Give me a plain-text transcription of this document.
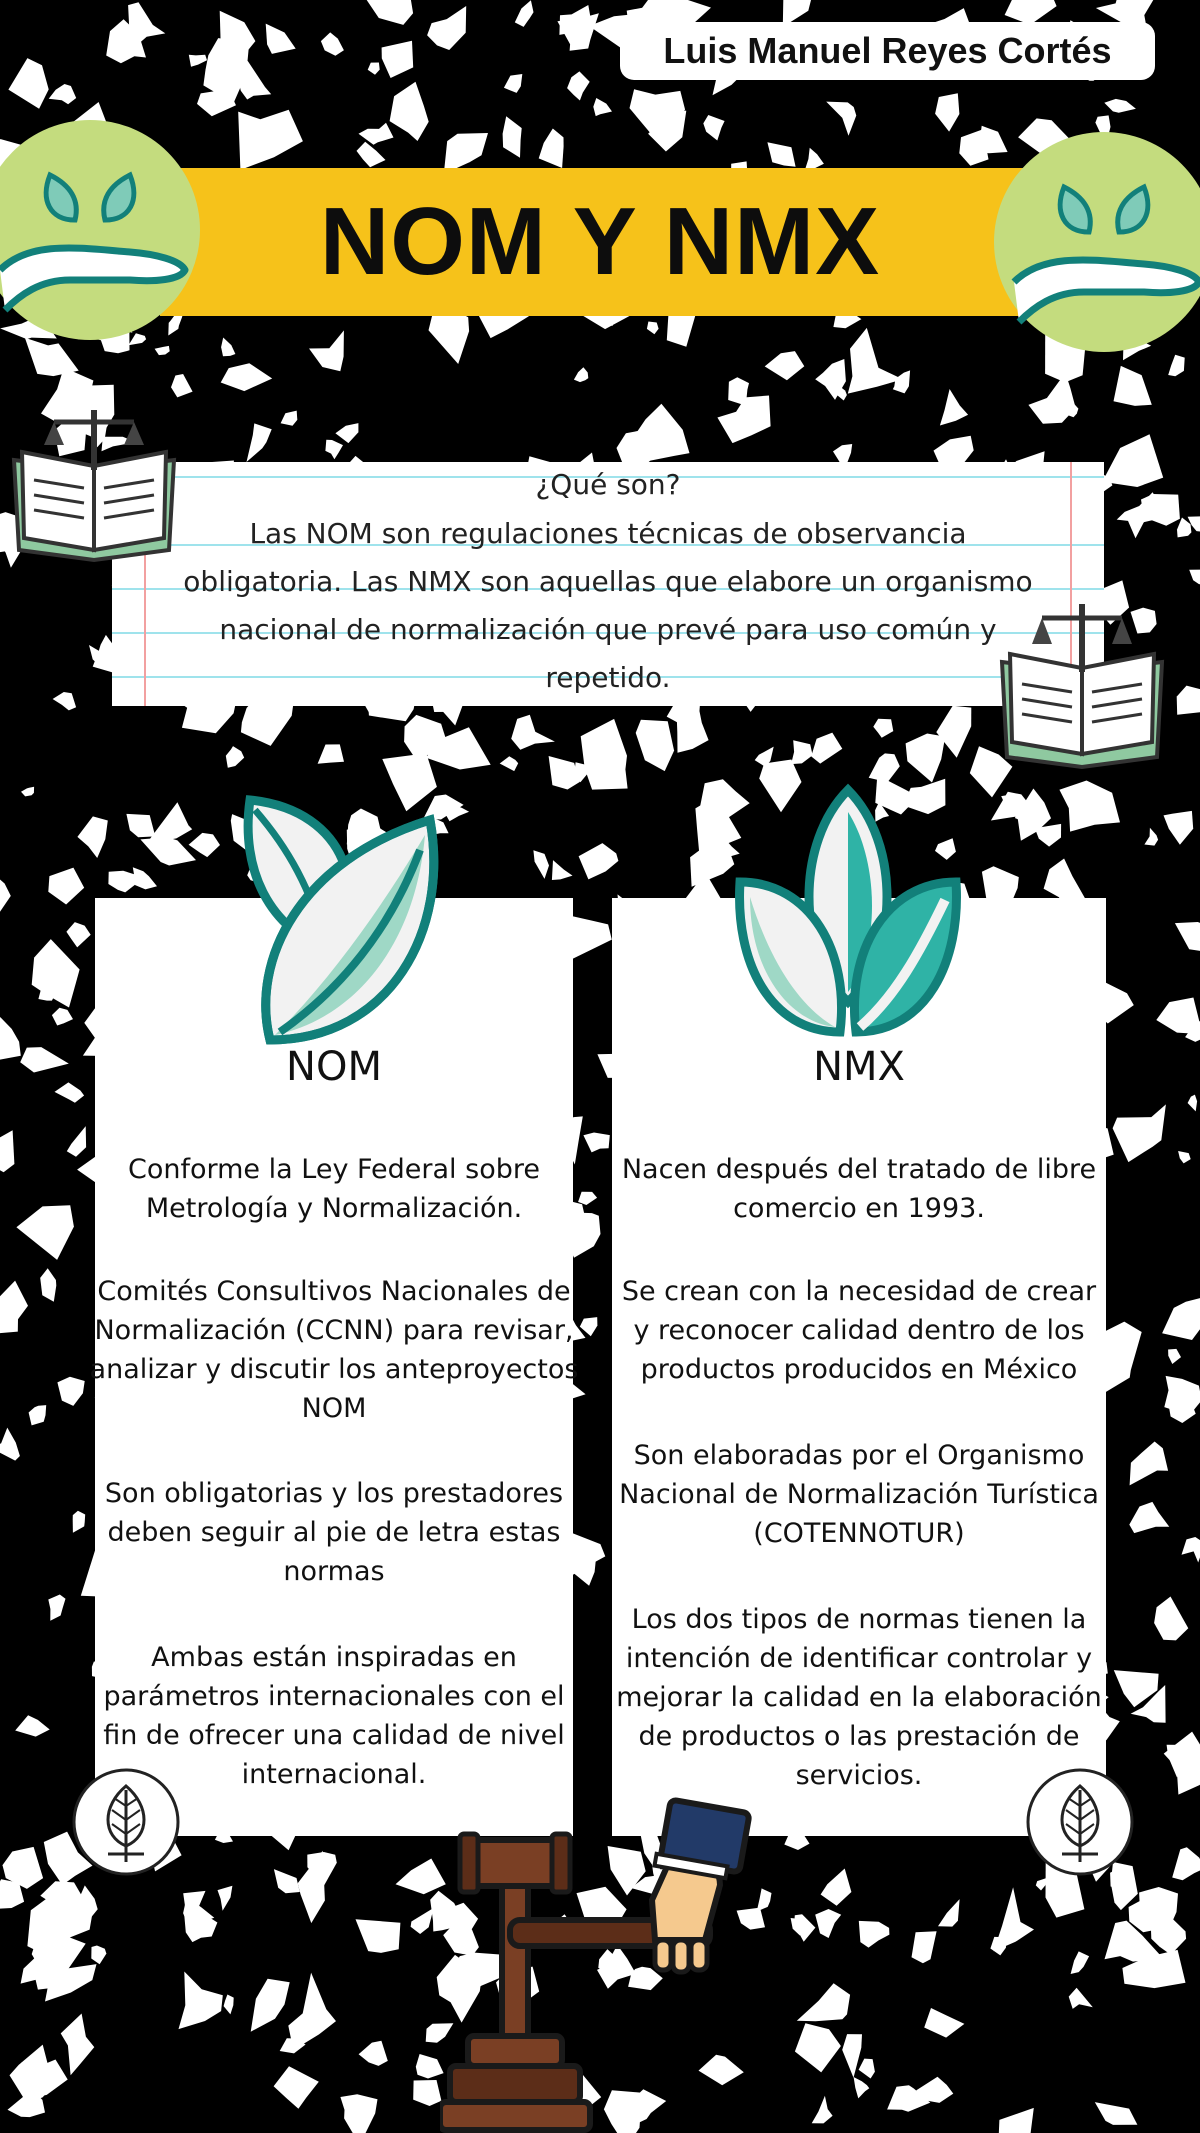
Luis Manuel Reyes Cortés
NOM Y NMX
¿Qué son?
Las NOM son regulaciones técnicas de observancia obligatoria. Las NMX son aquellas que elabore un organismo nacional de normalización que prevé para uso común y repetido.
NOM
Conforme la Ley Federal sobre Metrología y Normalización.
Comités Consultivos Nacionales de Normalización (CCNN) para revisar, analizar y discutir los anteproyectos NOM
Son obligatorias y los prestadores deben seguir al pie de letra estas normas
Ambas están inspiradas en parámetros internacionales con el fin de ofrecer una calidad de nivel internacional.
NMX
Nacen después del tratado de libre comercio en 1993.
Se crean con la necesidad de crear y reconocer calidad dentro de los productos producidos en México
Son elaboradas por el Organismo Nacional de Normalización Turística (COTENNOTUR)
Los dos tipos de normas tienen la intención de identificar controlar y mejorar la calidad en la elaboración de productos o las prestación de servicios.
